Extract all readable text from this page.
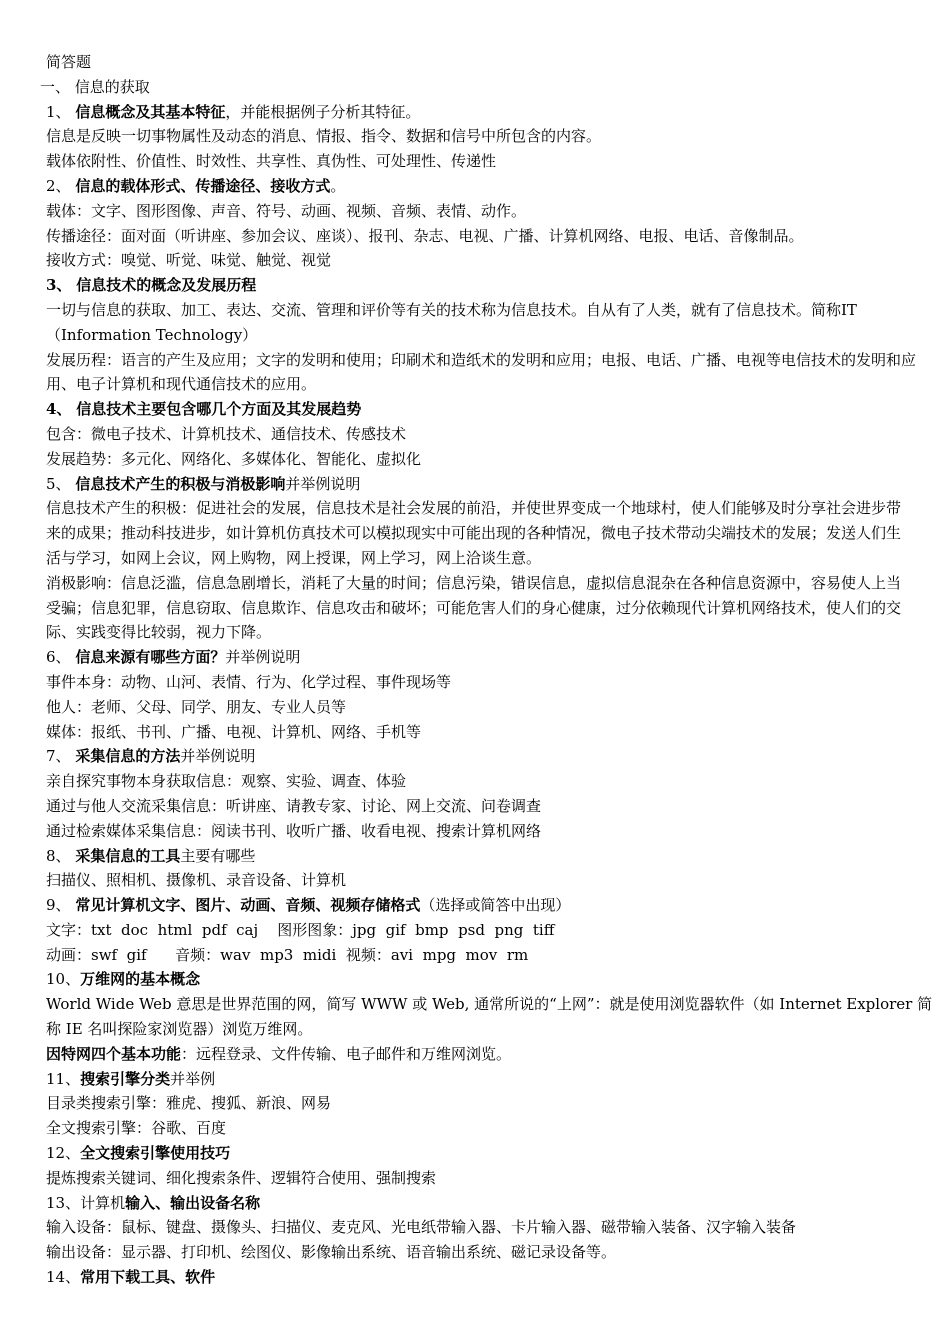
简答题
一、 信息的获取
1、 信息概念及其基本特征，并能根据例子分析其特征。
信息是反映一切事物属性及动态的消息、情报、指令、数据和信号中所包含的内容。
载体依附性、价值性、时效性、共享性、真伪性、可处理性、传递性
2、 信息的载体形式、传播途径、接收方式。
载体：文字、图形图像、声音、符号、动画、视频、音频、表情、动作。
传播途径：面对面（听讲座、参加会议、座谈）、报刊、杂志、电视、广播、计算机网络、电报、电话、音像制品。
接收方式：嗅觉、听觉、味觉、触觉、视觉
3、 信息技术的概念及发展历程
一切与信息的获取、加工、表达、交流、管理和评价等有关的技术称为信息技术。自从有了人类，就有了信息技术。简称IT（Information Technology）
发展历程：语言的产生及应用；文字的发明和使用；印刷术和造纸术的发明和应用；电报、电话、广播、电视等电信技术的发明和应用、电子计算机和现代通信技术的应用。
4、 信息技术主要包含哪几个方面及其发展趋势
包含：微电子技术、计算机技术、通信技术、传感技术
发展趋势：多元化、网络化、多媒体化、智能化、虚拟化
5、 信息技术产生的积极与消极影响并举例说明
信息技术产生的积极：促进社会的发展，信息技术是社会发展的前沿，并使世界变成一个地球村，使人们能够及时分享社会进步带来的成果；推动科技进步，如计算机仿真技术可以模拟现实中可能出现的各种情况，微电子技术带动尖端技术的发展；发送人们生活与学习，如网上会议，网上购物，网上授课，网上学习，网上洽谈生意。
消极影响：信息泛滥，信息急剧增长，消耗了大量的时间；信息污染，错误信息，虚拟信息混杂在各种信息资源中，容易使人上当受骗；信息犯罪，信息窃取、信息欺诈、信息攻击和破坏；可能危害人们的身心健康，过分依赖现代计算机网络技术，使人们的交际、实践变得比较弱，视力下降。
6、 信息来源有哪些方面？并举例说明
事件本身：动物、山河、表情、行为、化学过程、事件现场等
他人：老师、父母、同学、朋友、专业人员等
媒体：报纸、书刊、广播、电视、计算机、网络、手机等
7、 采集信息的方法并举例说明
亲自探究事物本身获取信息：观察、实验、调查、体验
通过与他人交流采集信息：听讲座、请教专家、讨论、网上交流、问卷调查
通过检索媒体采集信息：阅读书刊、收听广播、收看电视、搜索计算机网络
8、 采集信息的工具主要有哪些
扫描仪、照相机、摄像机、录音设备、计算机
9、 常见计算机文字、图片、动画、音频、视频存储格式（选择或简答中出现）
文字：txt  doc  html  pdf  caj    图形图象：jpg  gif  bmp  psd  png  tiff
动画：swf  gif      音频：wav  mp3  midi  视频：avi  mpg  mov  rm
10、万维网的基本概念
World Wide Web 意思是世界范围的网，简写 WWW 或 Web, 通常所说的“上网”：就是使用浏览器软件（如 Internet Explorer 简称 IE 名叫探险家浏览器）浏览万维网。
因特网四个基本功能：远程登录、文件传输、电子邮件和万维网浏览。
11、搜索引擎分类并举例
目录类搜索引擎：雅虎、搜狐、新浪、网易
全文搜索引擎：谷歌、百度
12、全文搜索引擎使用技巧
提炼搜索关键词、细化搜索条件、逻辑符合使用、强制搜索
13、计算机输入、输出设备名称
输入设备：鼠标、键盘、摄像头、扫描仪、麦克风、光电纸带输入器、卡片输入器、磁带输入装备、汉字输入装备
输出设备：显示器、打印机、绘图仪、影像输出系统、语音输出系统、磁记录设备等。
14、常用下载工具、软件
